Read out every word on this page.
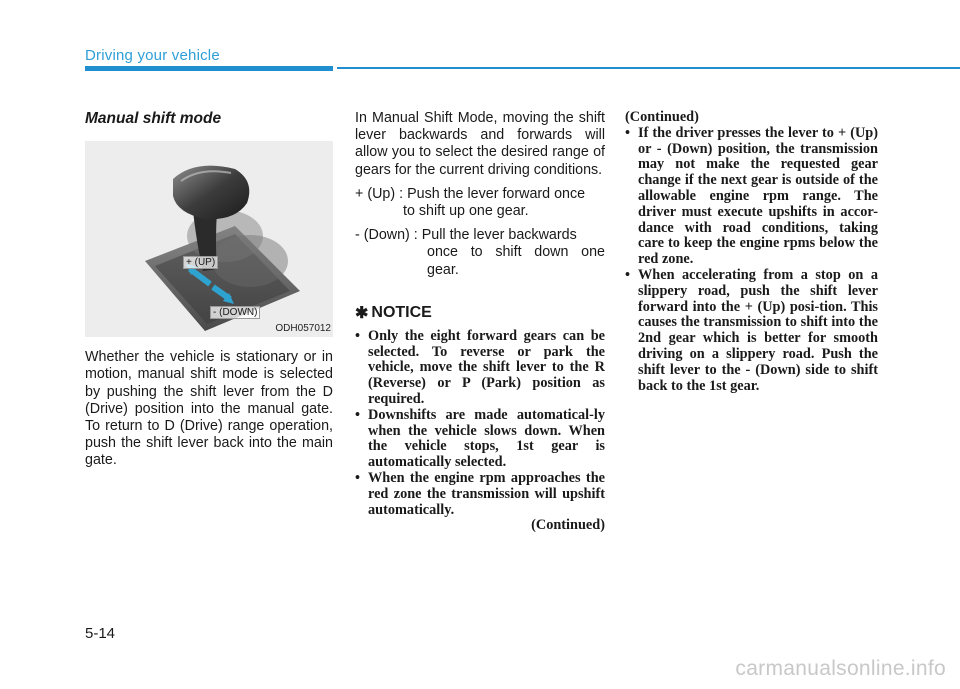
Driving your vehicle
Manual shift mode
+ (UP)
- (DOWN)
ODH057012

Whether the vehicle is stationary or in motion, manual shift mode is selected by pushing the shift lever from the D (Drive) position into the manual gate. To return to D (Drive) range operation, push the shift lever back into the main gate.

In Manual Shift Mode, moving the shift lever backwards and forwards will allow you to select the desired range of gears for the current driving conditions.

+ (Up) : Push the lever forward once
to shift up one gear.
- (Down) : Pull the lever backwards
once to shift down one gear.
✱ NOTICE
• Only the eight forward gears can be selected. To reverse or park the vehicle, move the shift lever to the R (Reverse) or P (Park) position as required.
• Downshifts are made automatical-ly when the vehicle slows down. When the vehicle stops, 1st gear is automatically selected.
• When the engine rpm approaches the red zone the transmission will upshift automatically.
(Continued)
(Continued)
• If the driver presses the lever to + (Up) or - (Down) position, the transmission may not make the requested gear change if the next gear is outside of the allowable engine rpm range. The driver must execute upshifts in accor-dance with road conditions, taking care to keep the engine rpms below the red zone.
• When accelerating from a stop on a slippery road, push the shift lever forward into the + (Up) posi-tion. This causes the transmission to shift into the 2nd gear which is better for smooth driving on a slippery road. Push the shift lever to the - (Down) side to shift back to the 1st gear.
5-14
carmanualsonline.info
